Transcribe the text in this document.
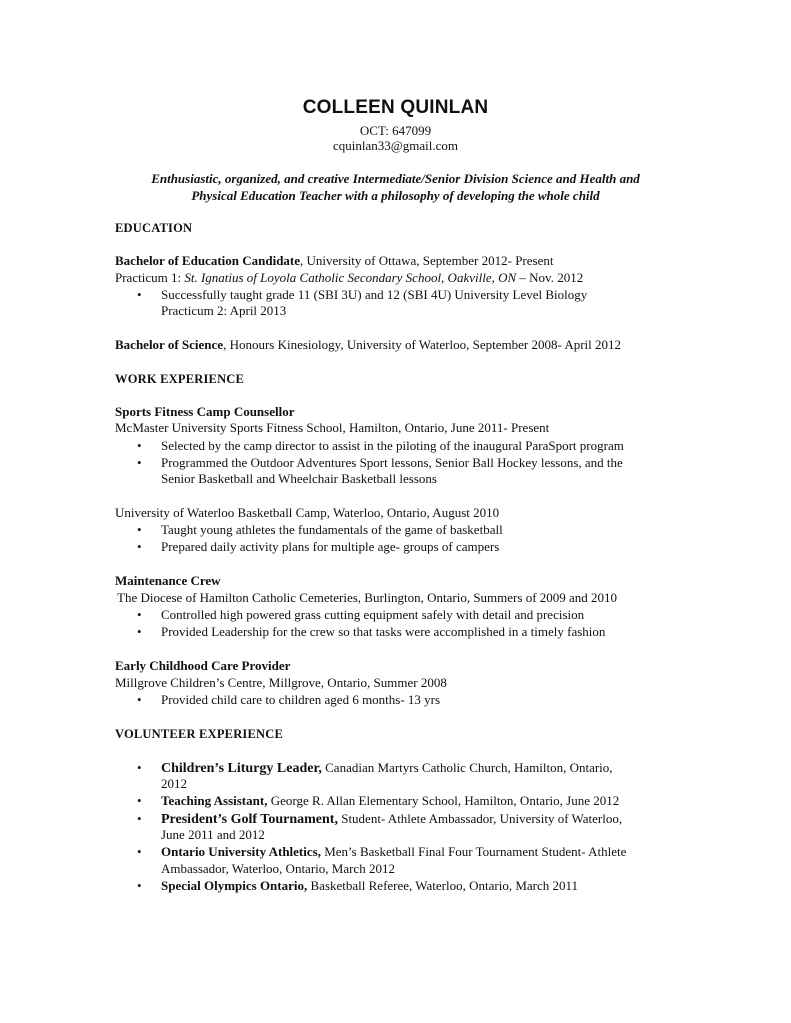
COLLEEN QUINLAN
OCT: 647099
cquinlan33@gmail.com
Enthusiastic, organized, and creative Intermediate/Senior Division Science and Health and
Physical Education Teacher with a philosophy of developing the whole child
EDUCATION
Bachelor of Education Candidate, University of Ottawa, September 2012- Present
Practicum 1: St. Ignatius of Loyola Catholic Secondary School, Oakville, ON – Nov. 2012
•	Successfully taught grade 11 (SBI 3U) and 12 (SBI 4U) University Level Biology
Practicum 2: April 2013
Bachelor of Science, Honours Kinesiology, University of Waterloo, September 2008- April 2012
WORK EXPERIENCE
Sports Fitness Camp Counsellor
McMaster University Sports Fitness School, Hamilton, Ontario, June 2011- Present
•	Selected by the camp director to assist in the piloting of the inaugural ParaSport program
•	Programmed the Outdoor Adventures Sport lessons, Senior Ball Hockey lessons, and the
Senior Basketball and Wheelchair Basketball lessons
University of Waterloo Basketball Camp, Waterloo, Ontario, August 2010
•	Taught young athletes the fundamentals of the game of basketball
•	Prepared daily activity plans for multiple age- groups of campers
Maintenance Crew
The Diocese of Hamilton Catholic Cemeteries, Burlington, Ontario, Summers of 2009 and 2010
•	Controlled high powered grass cutting equipment safely with detail and precision
•	Provided Leadership for the crew so that tasks were accomplished in a timely fashion
Early Childhood Care Provider
Millgrove Children’s Centre, Millgrove, Ontario, Summer 2008
•	Provided child care to children aged 6 months- 13 yrs
VOLUNTEER EXPERIENCE
•	Children’s Liturgy Leader, Canadian Martyrs Catholic Church, Hamilton, Ontario,
2012
•	Teaching Assistant, George R. Allan Elementary School, Hamilton, Ontario, June 2012
•	President’s Golf Tournament, Student- Athlete Ambassador, University of Waterloo,
June 2011 and 2012
•	Ontario University Athletics, Men’s Basketball Final Four Tournament Student- Athlete
Ambassador, Waterloo, Ontario, March 2012
•	Special Olympics Ontario, Basketball Referee, Waterloo, Ontario, March 2011
